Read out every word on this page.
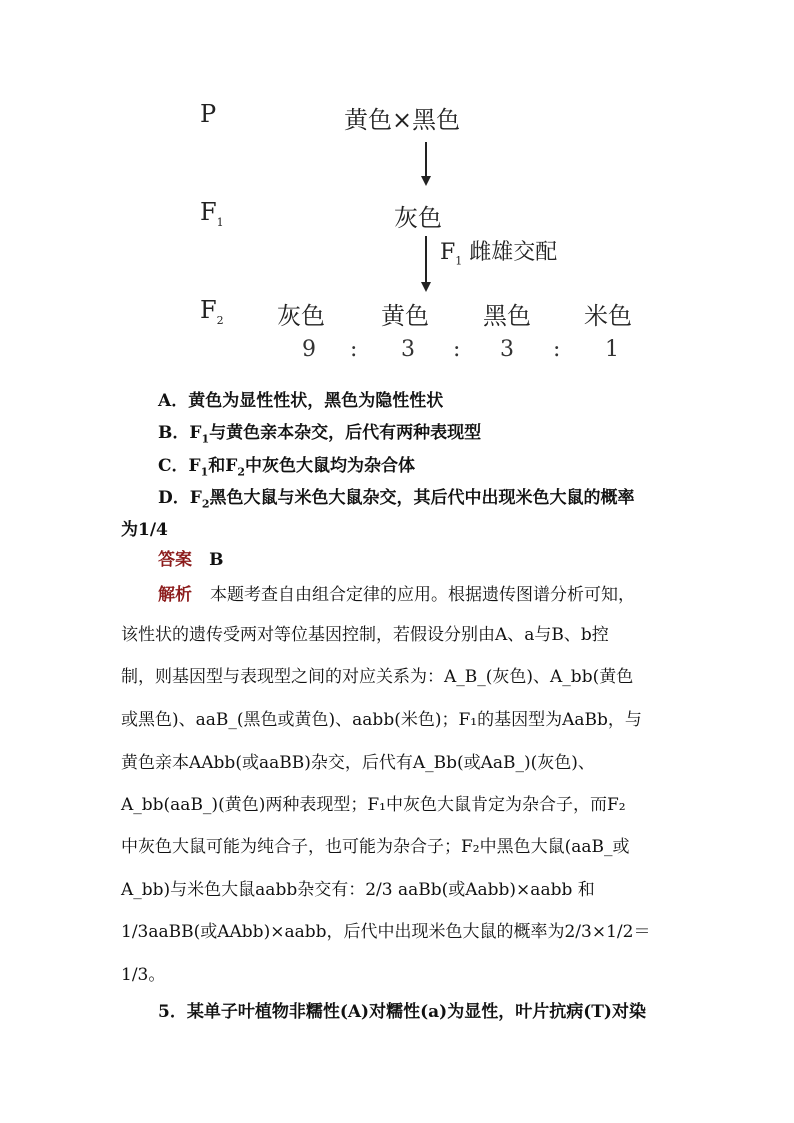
P	黄色×黑色
$F_1$	灰色
$F_1$ 雌雄交配
$F_2$ 灰色 黄色 黑色 米色
9 : 3 : 3 : 1
A．黄色为显性性状，黑色为隐性性状
B．$F_1$与黄色亲本杂交，后代有两种表现型
C．$F_1$和$F_2$中灰色大鼠均为杂合体
D．$F_2$黑色大鼠与米色大鼠杂交，其后代中出现米色大鼠的概率
为1/4
答案 B
解析 本题考查自由组合定律的应用。根据遗传图谱分析可知，
该性状的遗传受两对等位基因控制，若假设分别由A、a与B、b控
制，则基因型与表现型之间的对应关系为：A_B_(灰色)、A_bb(黄色
或黑色)、aaB_(黑色或黄色)、aabb(米色)；F₁的基因型为AaBb，与
黄色亲本AAbb(或aaBB)杂交，后代有A_Bb(或AaB_)(灰色)、
A_bb(aaB_)(黄色)两种表现型；F₁中灰色大鼠肯定为杂合子，而F₂
中灰色大鼠可能为纯合子，也可能为杂合子；F₂中黑色大鼠(aaB_或
A_bb)与米色大鼠aabb杂交有：2/3 aaBb(或Aabb)×aabb 和
1/3aaBB(或AAbb)×aabb，后代中出现米色大鼠的概率为2/3×1/2＝
1/3。
5．某单子叶植物非糯性(A)对糯性(a)为显性，叶片抗病(T)对染
